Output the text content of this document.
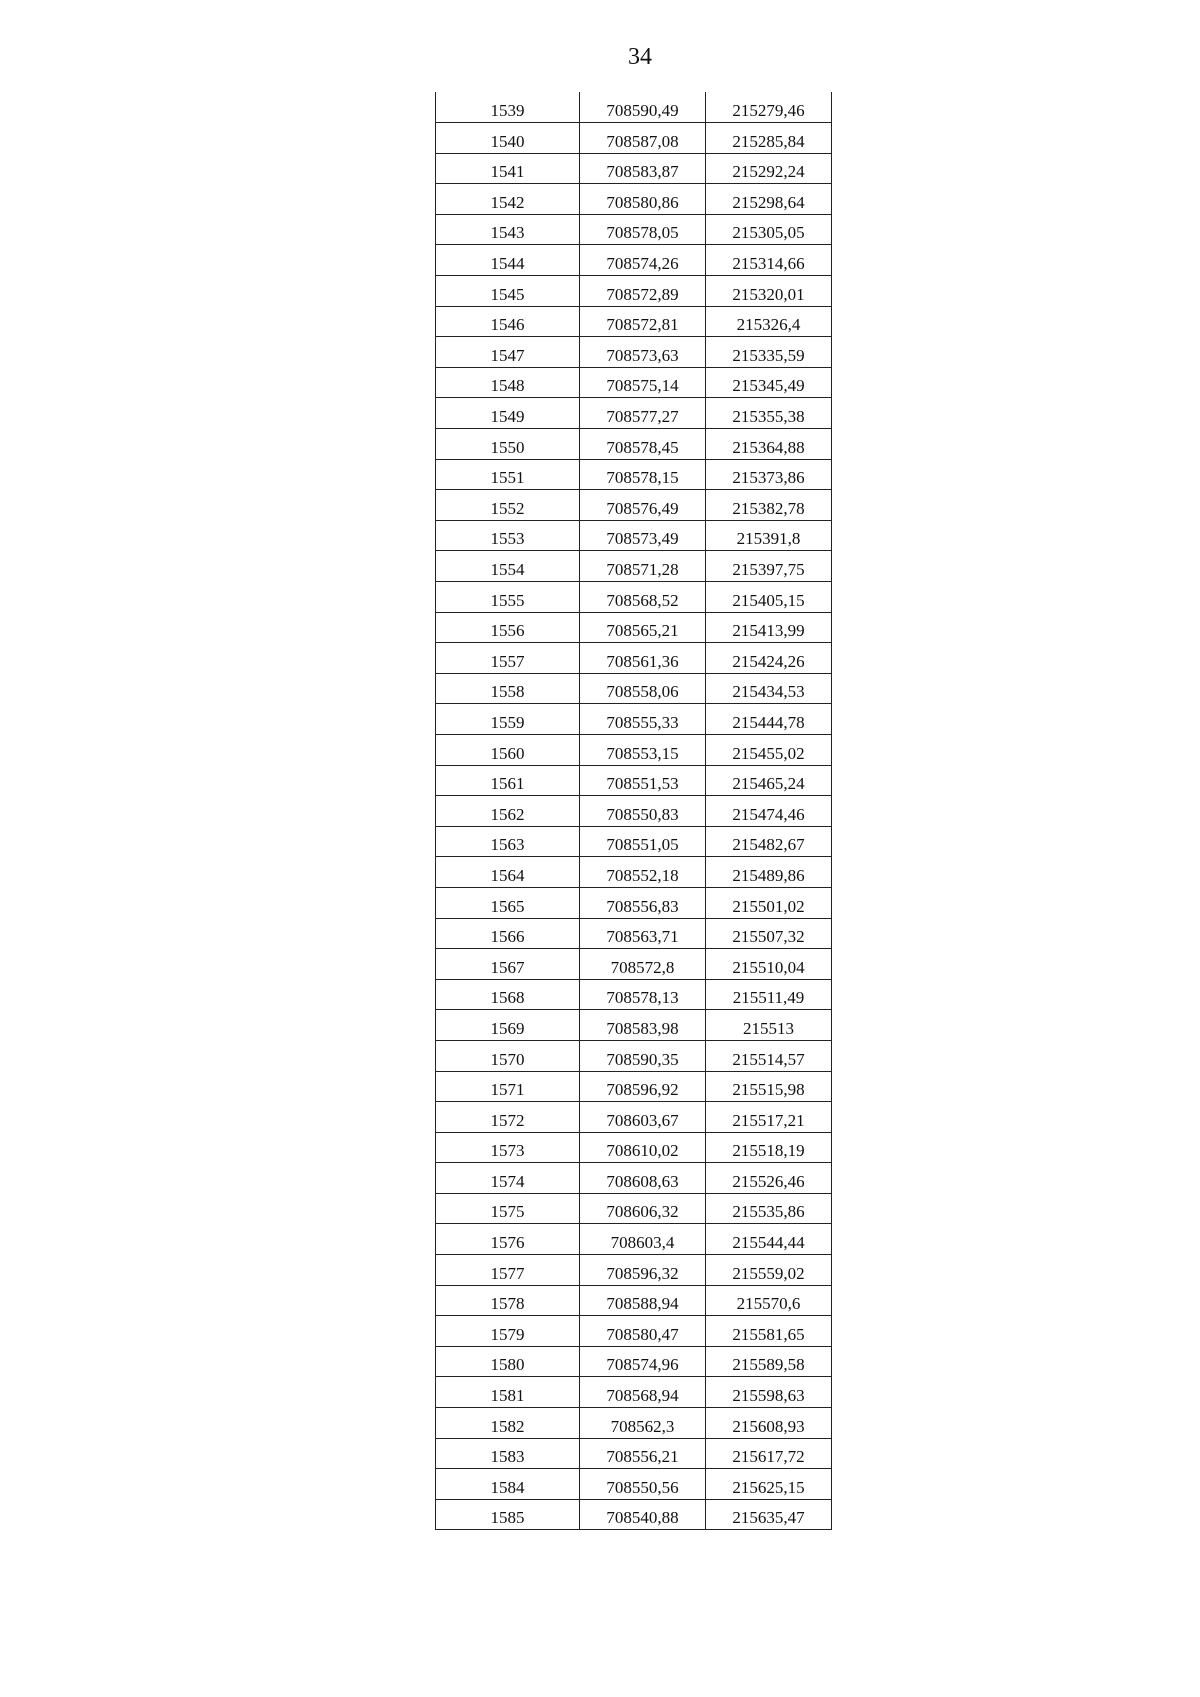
34
1539	708590,49	215279,46
1540	708587,08	215285,84
1541	708583,87	215292,24
1542	708580,86	215298,64
1543	708578,05	215305,05
1544	708574,26	215314,66
1545	708572,89	215320,01
1546	708572,81	215326,4
1547	708573,63	215335,59
1548	708575,14	215345,49
1549	708577,27	215355,38
1550	708578,45	215364,88
1551	708578,15	215373,86
1552	708576,49	215382,78
1553	708573,49	215391,8
1554	708571,28	215397,75
1555	708568,52	215405,15
1556	708565,21	215413,99
1557	708561,36	215424,26
1558	708558,06	215434,53
1559	708555,33	215444,78
1560	708553,15	215455,02
1561	708551,53	215465,24
1562	708550,83	215474,46
1563	708551,05	215482,67
1564	708552,18	215489,86
1565	708556,83	215501,02
1566	708563,71	215507,32
1567	708572,8	215510,04
1568	708578,13	215511,49
1569	708583,98	215513
1570	708590,35	215514,57
1571	708596,92	215515,98
1572	708603,67	215517,21
1573	708610,02	215518,19
1574	708608,63	215526,46
1575	708606,32	215535,86
1576	708603,4	215544,44
1577	708596,32	215559,02
1578	708588,94	215570,6
1579	708580,47	215581,65
1580	708574,96	215589,58
1581	708568,94	215598,63
1582	708562,3	215608,93
1583	708556,21	215617,72
1584	708550,56	215625,15
1585	708540,88	215635,47
